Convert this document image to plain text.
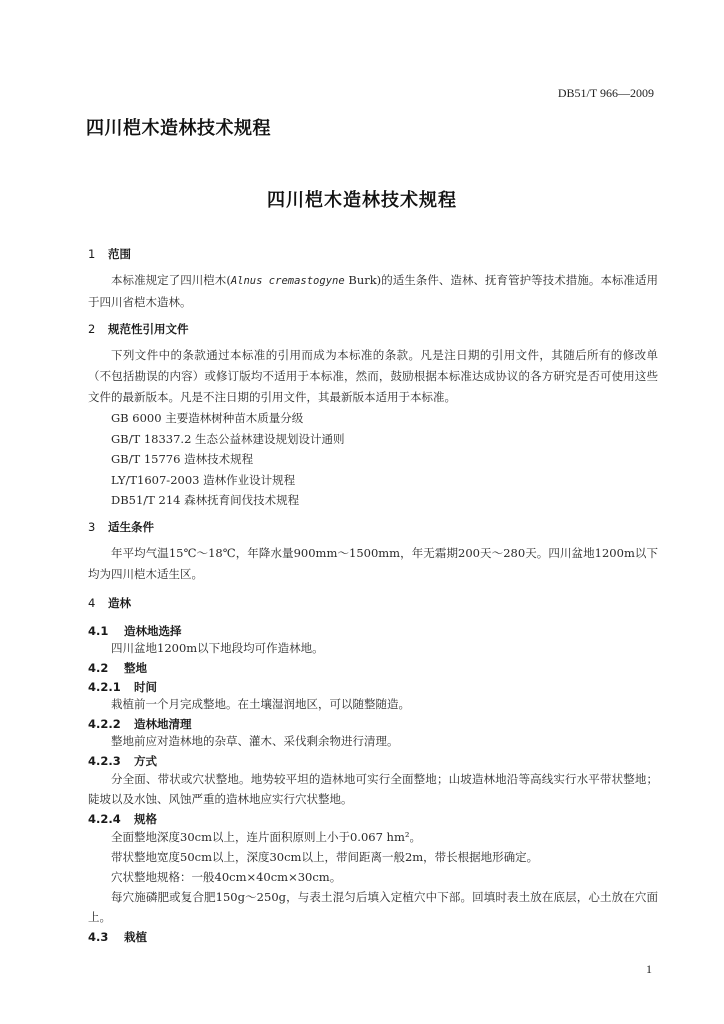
DB51/T 966—2009
四川桤木造林技术规程
四川桤木造林技术规程
1 范围

本标准规定了四川桤木(Alnus cremastogyne Burk)的适生条件、造林、抚育管护等技术措施。本标准适用于四川省桤木造林。

2 规范性引用文件

下列文件中的条款通过本标准的引用而成为本标准的条款。凡是注日期的引用文件，其随后所有的修改单（不包括勘误的内容）或修订版均不适用于本标准，然而，鼓励根据本标准达成协议的各方研究是否可使用这些文件的最新版本。凡是不注日期的引用文件，其最新版本适用于本标准。

GB 6000 主要造林树种苗木质量分级

GB/T 18337.2 生态公益林建设规划设计通则

GB/T 15776 造林技术规程

LY/T1607-2003 造林作业设计规程

DB51/T 214 森林抚育间伐技术规程

3 适生条件

年平均气温15℃～18℃，年降水量900mm～1500mm，年无霜期200天～280天。四川盆地1200m以下均为四川桤木适生区。

4 造林
4.1 造林地选择

四川盆地1200m以下地段均可作造林地。

4.2 整地
4.2.1 时间

栽植前一个月完成整地。在土壤湿润地区，可以随整随造。

4.2.2 造林地清理

整地前应对造林地的杂草、灌木、采伐剩余物进行清理。

4.2.3 方式

分全面、带状或穴状整地。地势较平坦的造林地可实行全面整地；山坡造林地沿等高线实行水平带状整地；陡坡以及水蚀、风蚀严重的造林地应实行穴状整地。

4.2.4 规格

全面整地深度30cm以上，连片面积原则上小于0.067 hm²。

带状整地宽度50cm以上，深度30cm以上，带间距离一般2m，带长根据地形确定。

穴状整地规格：一般40cm×40cm×30cm。

每穴施磷肥或复合肥150g～250g，与表土混匀后填入定植穴中下部。回填时表土放在底层，心土放在穴面上。

4.3 栽植
1
